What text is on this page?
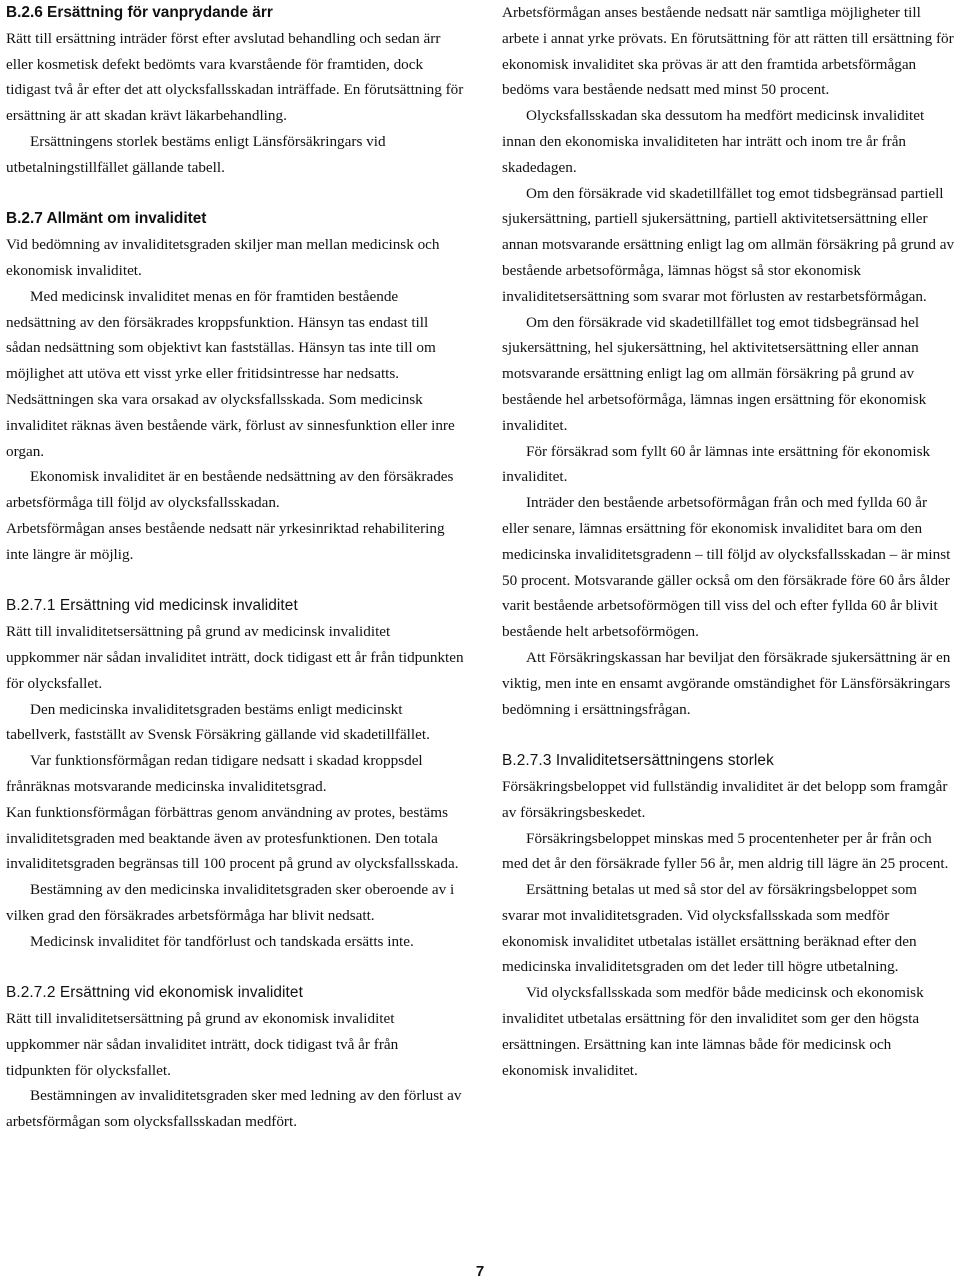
B.2.6 Ersättning för vanprydande ärr

Rätt till ersättning inträder först efter avslutad behandling och sedan ärr eller kosmetisk defekt bedömts vara kvarstående för framtiden, dock tidigast två år efter det att olycksfallsskadan inträffade. En förutsättning för ersättning är att skadan krävt läkarbehandling.

Ersättningens storlek bestäms enligt Länsförsäkringars vid utbetalningstillfället gällande tabell.

B.2.7 Allmänt om invaliditet

Vid bedömning av invaliditetsgraden skiljer man mellan medicinsk och ekonomisk invaliditet.

Med medicinsk invaliditet menas en för framtiden bestående nedsättning av den försäkrades kroppsfunktion. Hänsyn tas endast till sådan nedsättning som objektivt kan fastställas. Hänsyn tas inte till om möjlighet att utöva ett visst yrke eller fritidsintresse har nedsatts. Nedsättningen ska vara orsakad av olycksfallsskada. Som medicinsk invaliditet räknas även bestående värk, förlust av sinnesfunktion eller inre organ.

Ekonomisk invaliditet är en bestående nedsättning av den försäkrades arbetsförmåga till följd av olycksfallsskadan.

Arbetsförmågan anses bestående nedsatt när yrkesinriktad rehabilitering inte längre är möjlig.

B.2.7.1 Ersättning vid medicinsk invaliditet

Rätt till invaliditetsersättning på grund av medicinsk invaliditet uppkommer när sådan invaliditet inträtt, dock tidigast ett år från tidpunkten för olycksfallet.

Den medicinska invaliditetsgraden bestäms enligt medicinskt tabellverk, fastställt av Svensk Försäkring gällande vid skadetillfället.

Var funktionsförmågan redan tidigare nedsatt i skadad kroppsdel frånräknas motsvarande medicinska invaliditetsgrad.

Kan funktionsförmågan förbättras genom användning av protes, bestäms invaliditetsgraden med beaktande även av protesfunktionen. Den totala invaliditetsgraden begränsas till 100 procent på grund av olycksfallsskada.

Bestämning av den medicinska invaliditetsgraden sker oberoende av i vilken grad den försäkrades arbetsförmåga har blivit nedsatt.

Medicinsk invaliditet för tandförlust och tandskada ersätts inte.

B.2.7.2 Ersättning vid ekonomisk invaliditet

Rätt till invaliditetsersättning på grund av ekonomisk invaliditet uppkommer när sådan invaliditet inträtt, dock tidigast två år från tidpunkten för olycksfallet.

Bestämningen av invaliditetsgraden sker med ledning av den förlust av arbetsförmågan som olycksfallsskadan medfört.

Arbetsförmågan anses bestående nedsatt när samtliga möjligheter till arbete i annat yrke prövats. En förutsättning för att rätten till ersättning för ekonomisk invaliditet ska prövas är att den framtida arbetsförmågan bedöms vara bestående nedsatt med minst 50 procent.

Olycksfallsskadan ska dessutom ha medfört medicinsk invaliditet innan den ekonomiska invaliditeten har inträtt och inom tre år från skadedagen.

Om den försäkrade vid skadetillfället tog emot tidsbegränsad partiell sjukersättning, partiell sjukersättning, partiell aktivitetsersättning eller annan motsvarande ersättning enligt lag om allmän försäkring på grund av bestående arbetsoförmåga, lämnas högst så stor ekonomisk invaliditetsersättning som svarar mot förlusten av restarbetsförmågan.

Om den försäkrade vid skadetillfället tog emot tidsbegränsad hel sjukersättning, hel sjukersättning, hel aktivitetsersättning eller annan motsvarande ersättning enligt lag om allmän försäkring på grund av bestående hel arbetsoförmåga, lämnas ingen ersättning för ekonomisk invaliditet.

För försäkrad som fyllt 60 år lämnas inte ersättning för ekonomisk invaliditet.

Inträder den bestående arbetsoförmågan från och med fyllda 60 år eller senare, lämnas ersättning för ekonomisk invaliditet bara om den medicinska invaliditetsgradenn – till följd av olycksfallsskadan – är minst 50 procent. Motsvarande gäller också om den försäkrade före 60 års ålder varit bestående arbetsoförmögen till viss del och efter fyllda 60 år blivit bestående helt arbetsoförmögen.

Att Försäkringskassan har beviljat den försäkrade sjukersättning är en viktig, men inte en ensamt avgörande omständighet för Länsförsäkringars bedömning i ersättningsfrågan.

B.2.7.3 Invaliditetsersättningens storlek

Försäkringsbeloppet vid fullständig invaliditet är det belopp som framgår av försäkringsbeskedet.

Försäkringsbeloppet minskas med 5 procentenheter per år från och med det år den försäkrade fyller 56 år, men aldrig till lägre än 25 procent.

Ersättning betalas ut med så stor del av försäkringsbeloppet som svarar mot invaliditetsgraden. Vid olycksfallsskada som medför ekonomisk invaliditet utbetalas istället ersättning beräknad efter den medicinska invaliditetsgraden om det leder till högre utbetalning.

Vid olycksfallsskada som medför både medicinsk och ekonomisk invaliditet utbetalas ersättning för den invaliditet som ger den högsta ersättningen. Ersättning kan inte lämnas både för medicinsk och ekonomisk invaliditet.

7
